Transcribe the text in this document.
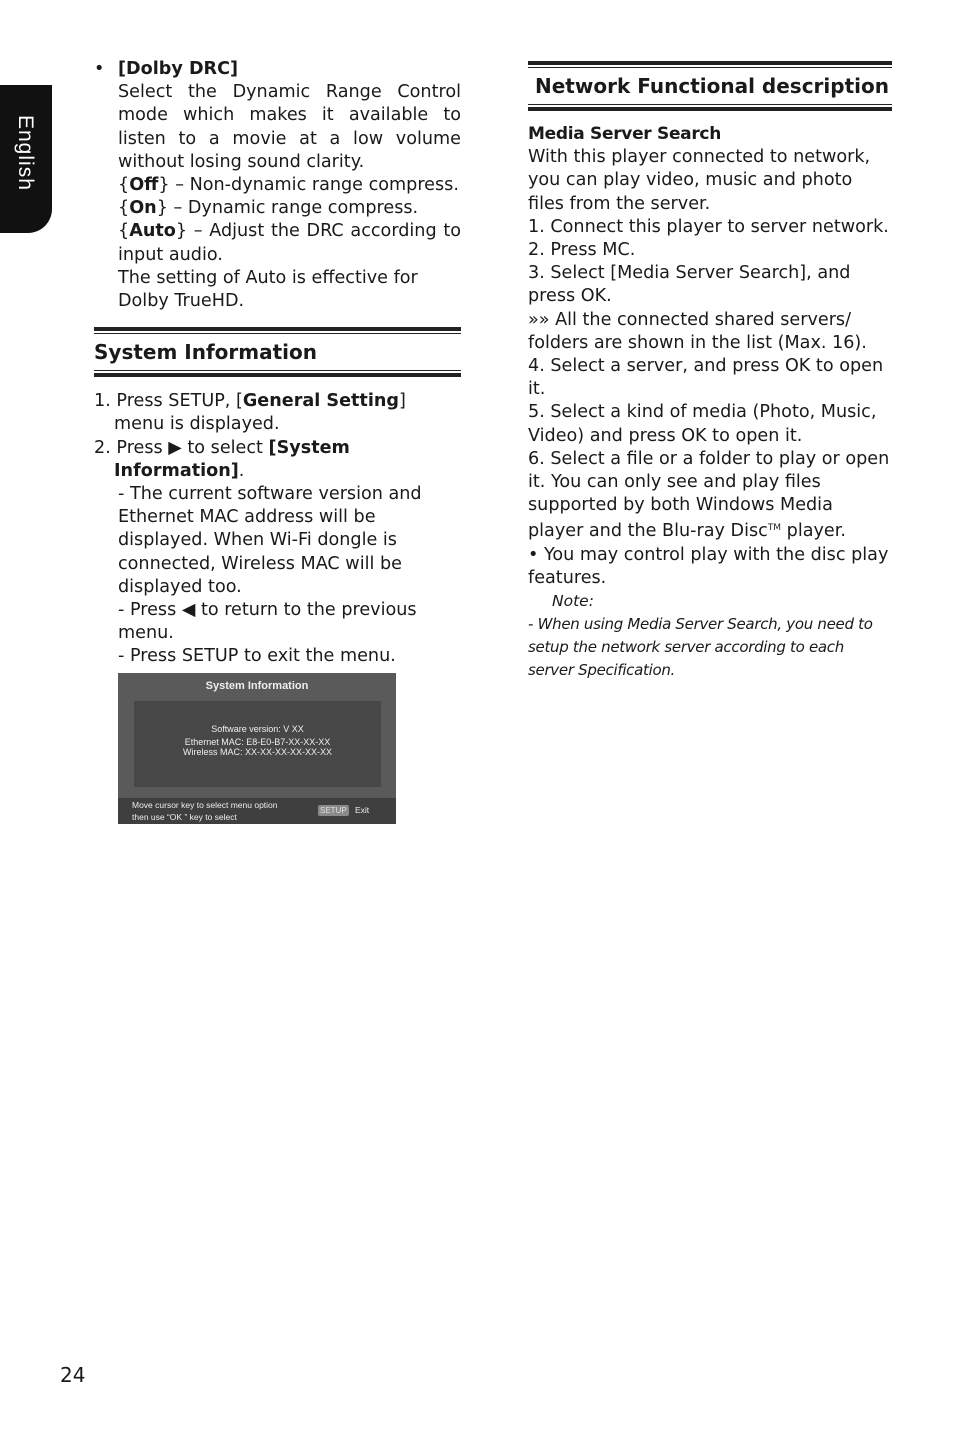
English
• [Dolby DRC]
Select the Dynamic Range Control mode which makes it available to listen to a movie at a low volume without losing sound clarity.
{Off} – Non-dynamic range compress.
{On} – Dynamic range compress.
{Auto} – Adjust the DRC according to input audio.
The setting of Auto is effective for Dolby TrueHD.
System Information
1. Press SETUP, [General Setting] menu is displayed.
2. Press ▶ to select [System Information].
- The current software version and Ethernet MAC address will be displayed. When Wi-Fi dongle is connected, Wireless MAC will be displayed too.
- Press ◀ to return to the previous menu.
- Press SETUP to exit the menu.
System Information
Software version: V XX
Ethernet MAC: E8-E0-B7-XX-XX-XX
Wireless MAC: XX-XX-XX-XX-XX-XX
Move cursor key to select menu option
then use “OK ” key to select
SETUP Exit
Network Functional description
Media Server Search
With this player connected to network, you can play video, music and photo files from the server.
1. Connect this player to server network.
2. Press MC.
3. Select [Media Server Search], and press OK.
»» All the connected shared servers/ folders are shown in the list (Max. 16).
4. Select a server, and press OK to open it.
5. Select a kind of media (Photo, Music, Video) and press OK to open it.
6. Select a file or a folder to play or open it. You can only see and play files supported by both Windows Media player and the Blu-ray Disc™ player.
• You may control play with the disc play features.
Note:
- When using Media Server Search, you need to setup the network server according to each server Specification.
24
